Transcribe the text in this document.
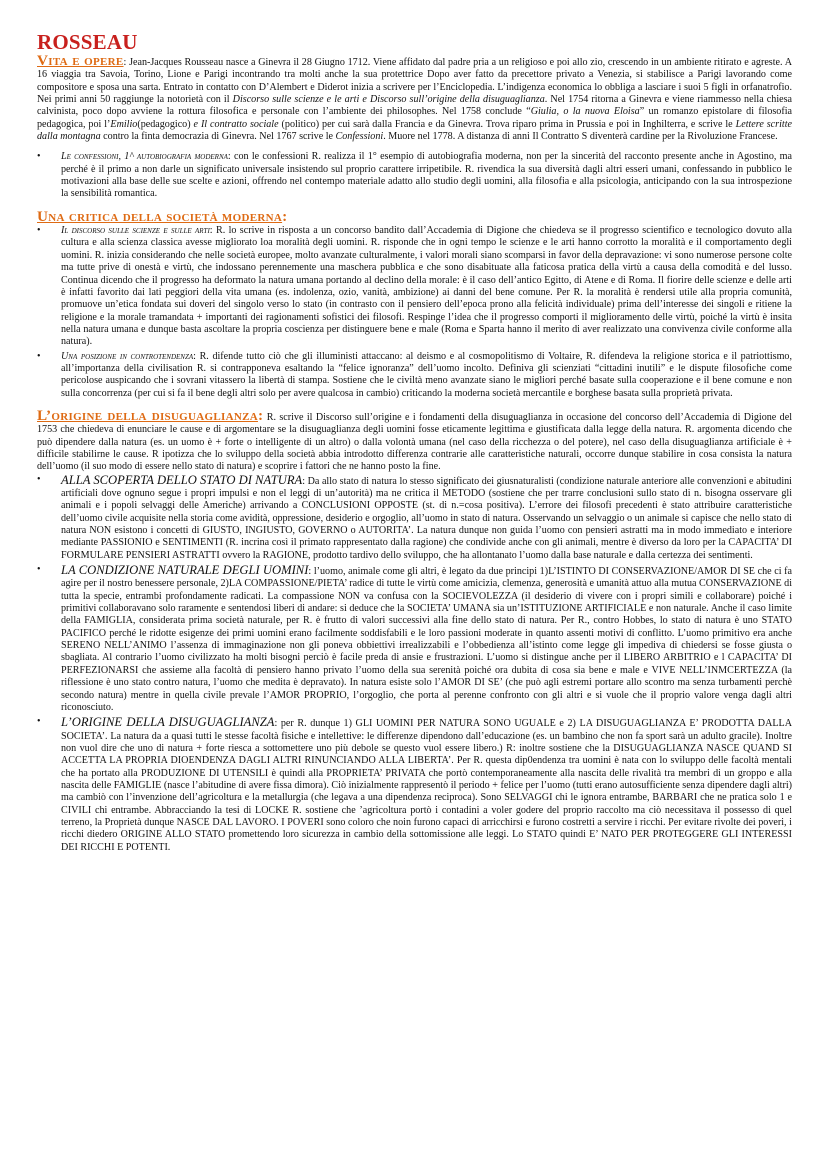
ROSSEAU

Vita e opere: Jean-Jacques Rousseau nasce a Ginevra il 28 Giugno 1712. Viene affidato dal padre pria a un religioso e poi allo zio, crescendo in un ambiente ritirato e agreste. A 16 viaggia tra Savoia, Torino, Lione e Parigi incontrando tra molti anche la sua protettrice Dopo aver fatto da precettore privato a Venezia, si stabilisce a Parigi lavorando come compositore e sposa una sarta. Entrato in contatto con D’Alembert e Diderot inizia a scrivere per l’Enciclopedia. L’indigenza economica lo obbliga a lasciare i suoi 5 figli in orfanatrofio. Nei primi anni 50 raggiunge la notorietà con il Discorso sulle scienze e le arti e Discorso sull’origine della disuguaglianza. Nel 1754 ritorna a Ginevra e viene riammesso nella chiesa calvinista, poco dopo avviene la rottura filosofica e personale con l’ambiente dei philosophes. Nel 1758 conclude “Giulia, o la nuova Eloisa” un romanzo epistolare di filosofia pedagogica, poi l’Emilio(pedagogico) e Il contratto sociale (politico) per cui sarà dalla Francia e da Ginevra. Trova riparo prima in Prussia e poi in Inghilterra, e scrive le Lettere scritte dalla montagna contro la finta democrazia di Ginevra. Nel 1767 scrive le Confessioni. Muore nel 1778. A distanza di anni Il Contratto S diventerà cardine per la Rivoluzione Francese.

• Le confessioni, 1^ autobiografia moderna: con le confessioni R. realizza il 1° esempio di autobiografia moderna, non per la sincerità del racconto presente anche in Agostino, ma perché è il primo a non darle un significato universale insistendo sul proprio carattere irripetibile. R. rivendica la sua diversità dagli altri esseri umani, confessando in pubblico le motivazioni alla base delle sue scelte e azioni, offrendo nel contempo materiale adatto allo studio degli uomini, alla filosofia e alla psicologia, anticipando con la sua introspezione la sensibilità romantica.

Una critica della società moderna:

• Il discorso sulle scienze e sulle arti: R. lo scrive in risposta a un concorso bandito dall’Accademia di Digione che chiedeva se il progresso scientifico e tecnologico dovuto alla cultura e alla scienza classica avesse migliorato loa moralità degli uomini. R. risponde che in ogni tempo le scienze e le arti hanno corrotto la moralità e il comportamento degli uomini. R. inizia considerando che nelle società europee, molto avanzate culturalmente, i valori morali siano scomparsi in favor della depravazione: vi sono numerose persone colte ma tutte prive di onestà e virtù, che indossano perennemente una maschera pubblica e che sono disabituate alla faticosa pratica della virtù a causa della comodità e del lusso. Continua dicendo che il progresso ha deformato la natura umana portando al declino della morale: è il caso dell’antico Egitto, di Atene e di Roma. Il fiorire delle scienze e delle arti è infatti favorito dai lati peggiori della vita umana (es. indolenza, ozio, vanità, ambizione) ai danni del bene comune. Per R. la moralità è rendersi utile alla propria comunità, promuove un’etica fondata sui doveri del singolo verso lo stato (in contrasto con il pensiero dell’epoca prono alla felicità individuale) prima dell’interesse dei singoli e ritiene la religione e la morale tramandata + importanti dei ragionamenti sofistici dei filosofi. Respinge l’idea che il progresso comporti il miglioramento delle virtù, poiché la virtù è insita nella natura umana e dunque basta ascoltare la propria coscienza per distinguere bene e male (Roma e Sparta hanno il merito di aver realizzato una convivenza civile conforme alla natura).
• Una posizione in controtendenza: R. difende tutto ciò che gli illuministi attaccano: al deismo e al cosmopolitismo di Voltaire, R. difendeva la religione storica e il patriottismo, all’importanza della civilisation R. si contrapponeva esaltando la “felice ignoranza” dell’uomo incolto. Definiva gli scienziati “cittadini inutili” e le dispute filosofiche come pericolose auspicando che i sovrani vitassero la libertà di stampa. Sostiene che le civiltà meno avanzate siano le migliori perché basate sulla cooperazione e il bene comune e non sulla concorrenza (per cui si fa il bene degli altri solo per avere qualcosa in cambio) criticando la moderna società mercantile e borghese basata sulla proprietà privata.

L’origine della disuguaglianza: R. scrive il Discorso sull’origine e i fondamenti della disuguaglianza in occasione del concorso dell’Accademia di Digione del 1753 che chiedeva di enunciare le cause e di argomentare se la disuguaglianza degli uomini fosse eticamente legittima e giustificata dalla legge della natura. R. argomenta dicendo che può dipendere dalla natura (es. un uomo è + forte o intelligente di un altro) o dalla volontà umana (nel caso della ricchezza o del potere), nel caso della disuguaglianza artificiale è + difficile stabilirne le cause. R ipotizza che lo sviluppo della società abbia introdotto differenza contrarie alle caratteristiche naturali, occorre dunque stabilire in cosa consista la natura dell’uomo (il suo modo di essere nello stato di natura) e scoprire i fattori che ne hanno posto la fine.

• ALLA SCOPERTA DELLO STATO DI NATURA: Da allo stato di natura lo stesso significato dei giusnaturalisti (condizione naturale anteriore alle convenzioni e abitudini artificiali dove ognuno segue i propri impulsi e non el leggi di un’autorità) ma ne critica il METODO (sostiene che per trarre conclusioni sullo stato di n. bisogna osservare gli animali e i popoli selvaggi delle Americhe) arrivando a CONCLUSIONI OPPOSTE (st. di n.=cosa positiva). L’errore dei filosofi precedenti è stato attribuire caratteristiche dell’uomo civile acquisite nella storia come avidità, oppressione, desiderio e orgoglio, all’uomo in stato di natura. Osservando un selvaggio o un animale si capisce che nello stato di natura NON esistono i concetti di GIUSTO, INGIUSTO, GOVERNO o AUTORITA’. La natura dunque non guida l’uomo con pensieri astratti ma in modo immediato e interiore mediante PASSIONIO e SENTIMENTI (R. incrina così il primato rappresentato dalla ragione) che condivide anche con gli animali, mentre è diverso da loro per la CAPACITA’ DI FORMULARE PENSIERI ASTRATTI ovvero la RAGIONE, prodotto tardivo dello sviluppo, che ha allontanato l’uomo dalla base naturale e dalla certezza dei sentimenti.
• LA CONDIZIONE NATURALE DEGLI UOMINI: l’uomo, animale come gli altri, è legato da due principi 1)L’ISTINTO DI CONSERVAZIONE/AMOR DI SE che ci fa agire per il nostro benessere personale, 2)LA COMPASSIONE/PIETA’ radice di tutte le virtù come amicizia, clemenza, generosità e umanità attuo alla mutua CONSERVAZIONE di tutta la specie, entrambi profondamente radicati. La compassione NON va confusa con la SOCIEVOLEZZA (il desiderio di vivere con i propri simili e collaborare) poiché i primitivi collaboravano solo raramente e sentendosi liberi di andare: si deduce che la SOCIETA’ UMANA sia un’ISTITUZIONE ARTIFICIALE e non naturale. Anche il caso limite della FAMIGLIA, considerata prima società naturale, per R. è frutto di valori successivi alla fine dello stato di natura. Per R., contro Hobbes, lo stato di natura è uno STATO PACIFICO perché le ridotte esigenze dei primi uomini erano facilmente soddisfabili e le loro passioni moderate in quanto assenti motivi di conflitto. L’uomo primitivo era anche SERENO NELL’ANIMO l’assenza di immaginazione non gli poneva obbiettivi irrealizzabili e l’obbedienza all’istinto come legge gli impediva di chiedersi se fosse giusta o sbagliata. Al contrario l’uomo civilizzato ha molti bisogni perciò è facile preda di ansie e frustrazioni. L’uomo si distingue anche per il LIBERO ARBITRIO e l CAPACITA’ DI PERFEZIONARSI che assieme alla facoltà di pensiero hanno privato l’uomo della sua serenità poiché ora dubita di cosa sia bene e male e VIVE NELL’INMCERTEZZA (la riflessione è uno stato contro natura, l’uomo che medita è depravato). In natura esiste solo l’AMOR DI SE’ (che può agli estremi portare allo scontro ma senza turbamenti perchè secondo natura) mentre in quella civile prevale l’AMOR PROPRIO, l’orgoglio, che porta al perenne confronto con gli altri e si vuole che il proprio valore venga dagli altri riconosciuto.
• L’ORIGINE DELLA DISUGUAGLIANZA: per R. dunque 1) GLI UOMINI PER NATURA SONO UGUALE e 2) LA DISUGUAGLIANZA E’ PRODOTTA DALLA SOCIETA’. La natura da a quasi tutti le stesse facoltà fisiche e intellettive: le differenze dipendono dall’educazione (es. un bambino che non fa sport sarà un adulto gracile). Inoltre non vuol dire che uno di natura + forte riesca a sottomettere uno più debole se questo vuol essere libero.) R: inoltre sostiene che la DISUGUAGLIANZA NASCE QUAND SI ACCETTA LA PROPRIA DIOENDENZA DAGLI ALTRI RINUNCIANDO ALLA LIBERTA’. Per R. questa dip0endenza tra uomini è nata con lo sviluppo delle facoltà mentali che ha portato alla PRODUZIONE DI UTENSILI è quindi alla PROPRIETA’ PRIVATA che portò contemporaneamente alla nascita delle rivalità tra membri di un groppo e alla nascita delle FAMIGLIE (nasce l’abitudine di avere fissa dimora). Ciò inizialmente rappresentò il periodo + felice per l’uomo (tutti erano autosufficiente senza dipendere dagli altri) ma cambiò con l’invenzione dell’agricoltura e la metallurgia (che legava a una dipendenza reciproca). Sono SELVAGGI chi le ignora entrambe, BARBARI che ne pratica solo 1 e CIVILI chi entrambe. Abbracciando la tesi di LOCKE R. sostiene che ’agricoltura portò i contadini a voler godere del proprio raccolto ma ciò necessitava il possesso di quel terreno, la Proprietà dunque NASCE DAL LAVORO. I POVERI sono coloro che noin furono capaci di arricchirsi e furono costretti a servire i ricchi. Per evitare rivolte dei poveri, i ricchi diedero ORIGINE ALLO STATO promettendo loro sicurezza in cambio della sottomissione alle leggi. Lo STATO quindi E’ NATO PER PROTEGGERE GLI INTERESSI DEI RICCHI E POTENTI.
